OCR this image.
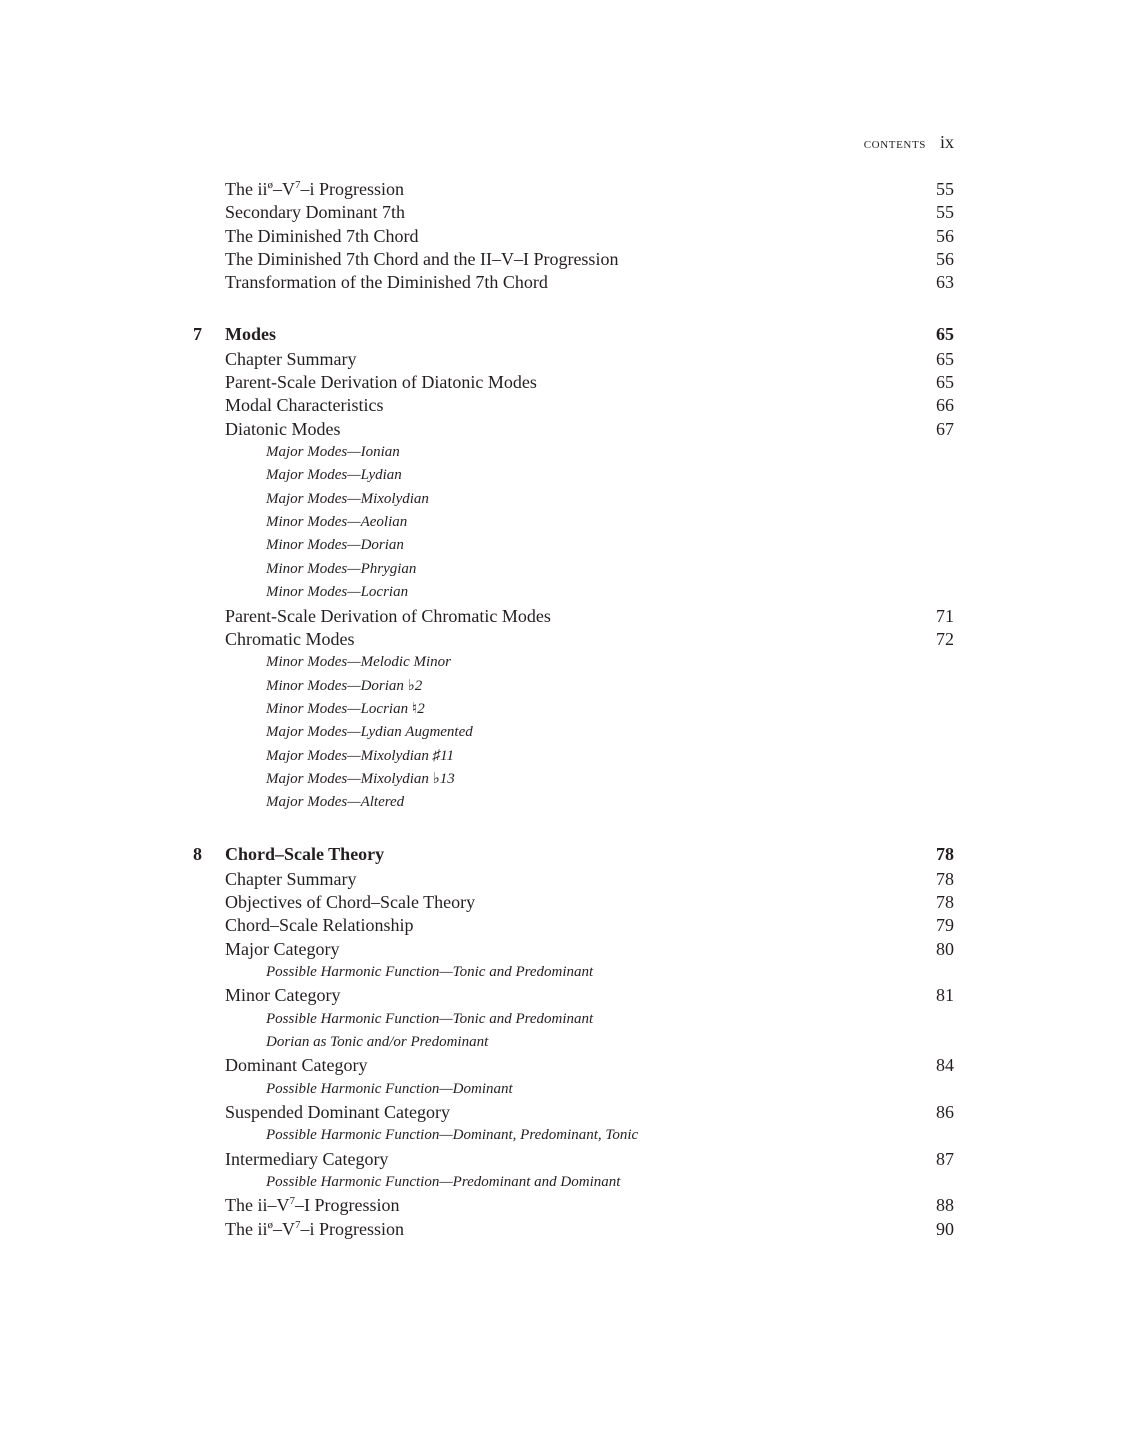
contents ix
The $ii^ø-V^7-i$ Progression	55
Secondary Dominant 7th	55
The Diminished 7th Chord	56
The Diminished 7th Chord and the II–V–I Progression	56
Transformation of the Diminished 7th Chord	63
7 Modes	65
Chapter Summary	65
Parent-Scale Derivation of Diatonic Modes	65
Modal Characteristics	66
Diatonic Modes	67
Major Modes—Ionian
Major Modes—Lydian
Major Modes—Mixolydian
Minor Modes—Aeolian
Minor Modes—Dorian
Minor Modes—Phrygian
Minor Modes—Locrian
Parent-Scale Derivation of Chromatic Modes	71
Chromatic Modes	72
Minor Modes—Melodic Minor
Minor Modes—Dorian ♭2
Minor Modes—Locrian ♮2
Major Modes—Lydian Augmented
Major Modes—Mixolydian ♯11
Major Modes—Mixolydian ♭13
Major Modes—Altered
8 Chord–Scale Theory	78
Chapter Summary	78
Objectives of Chord–Scale Theory	78
Chord–Scale Relationship	79
Major Category	80
Possible Harmonic Function—Tonic and Predominant
Minor Category	81
Possible Harmonic Function—Tonic and Predominant
Dorian as Tonic and/or Predominant
Dominant Category	84
Possible Harmonic Function—Dominant
Suspended Dominant Category	86
Possible Harmonic Function—Dominant, Predominant, Tonic
Intermediary Category	87
Possible Harmonic Function—Predominant and Dominant
The $ii-V^7-I$ Progression	88
The $ii^ø-V^7-i$ Progression	90
